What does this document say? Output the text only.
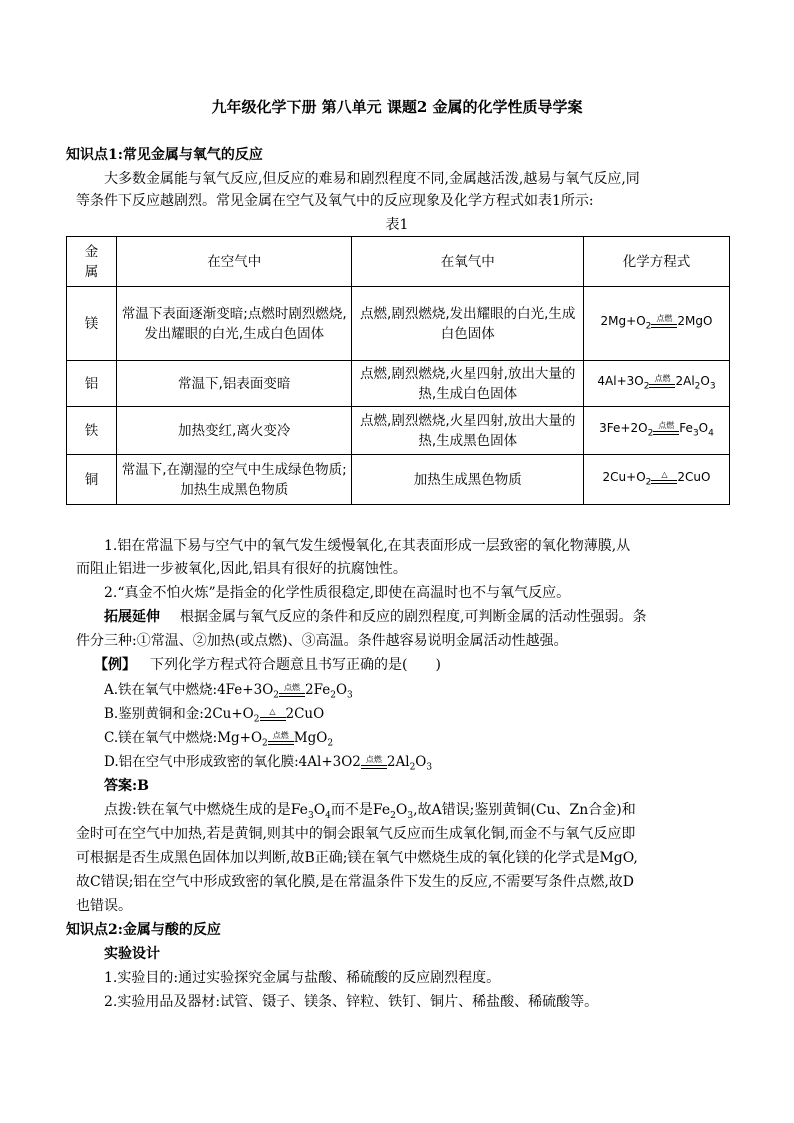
九年级化学下册 第八单元 课题2 金属的化学性质导学案
知识点1:常见金属与氧气的反应
大多数金属能与氧气反应,但反应的难易和剧烈程度不同,金属越活泼,越易与氧气反应,同
等条件下反应越剧烈。常见金属在空气及氧气中的反应现象及化学方程式如表1所示:
表1
金属	在空气中	在氧气中	化学方程式
镁	常温下表面逐渐变暗;点燃时剧烈燃烧,发出耀眼的白光,生成白色固体	点燃,剧烈燃烧,发出耀眼的白光,生成白色固体	$2Mg+O_2$点燃 2MgO
铝	常温下,铝表面变暗	点燃,剧烈燃烧,火星四射,放出大量的热,生成白色固体	$4Al+3O_2$点燃 $2Al_2O_3$
铁	加热变红,离火变冷	点燃,剧烈燃烧,火星四射,放出大量的热,生成黑色固体	$3Fe+2O_2$点燃 $Fe_3O_4$
铜	常温下,在潮湿的空气中生成绿色物质;加热生成黑色物质	加热生成黑色物质	$2Cu+O_2\triangle$ 2CuO
1.铝在常温下易与空气中的氧气发生缓慢氧化,在其表面形成一层致密的氧化物薄膜,从
而阻止铝进一步被氧化,因此,铝具有很好的抗腐蚀性。
2.“真金不怕火炼”是指金的化学性质很稳定,即使在高温时也不与氧气反应。
拓展延伸 根据金属与氧气反应的条件和反应的剧烈程度,可判断金属的活动性强弱。条
件分三种:①常温、②加热(或点燃)、③高温。条件越容易说明金属活动性越强。
【例】 下列化学方程式符合题意且书写正确的是(　　)
A.铁在氧气中燃烧$:4Fe+3O_2$点燃 $2Fe_2O_3$
B.鉴别黄铜和金$:2Cu+O_2\triangle$ 2CuO
C.镁在氧气中燃烧$:Mg+O_2$点燃 MgO$_2$
D.铝在空气中形成致密的氧化膜:4Al+3O2 点燃 $2Al_2O_3$
答案:B
点拨:铁在氧气中燃烧生成的是$Fe_3O_4$而不是$Fe_2O_3$,故A错误;鉴别黄铜(Cu、Zn合金)和
金时可在空气中加热,若是黄铜,则其中的铜会跟氧气反应而生成氧化铜,而金不与氧气反应即
可根据是否生成黑色固体加以判断,故B正确;镁在氧气中燃烧生成的氧化镁的化学式是MgO,
故C错误;铝在空气中形成致密的氧化膜,是在常温条件下发生的反应,不需要写条件点燃,故D
也错误。
知识点2:金属与酸的反应
实验设计
1.实验目的:通过实验探究金属与盐酸、稀硫酸的反应剧烈程度。
2.实验用品及器材:试管、镊子、镁条、锌粒、铁钉、铜片、稀盐酸、稀硫酸等。
